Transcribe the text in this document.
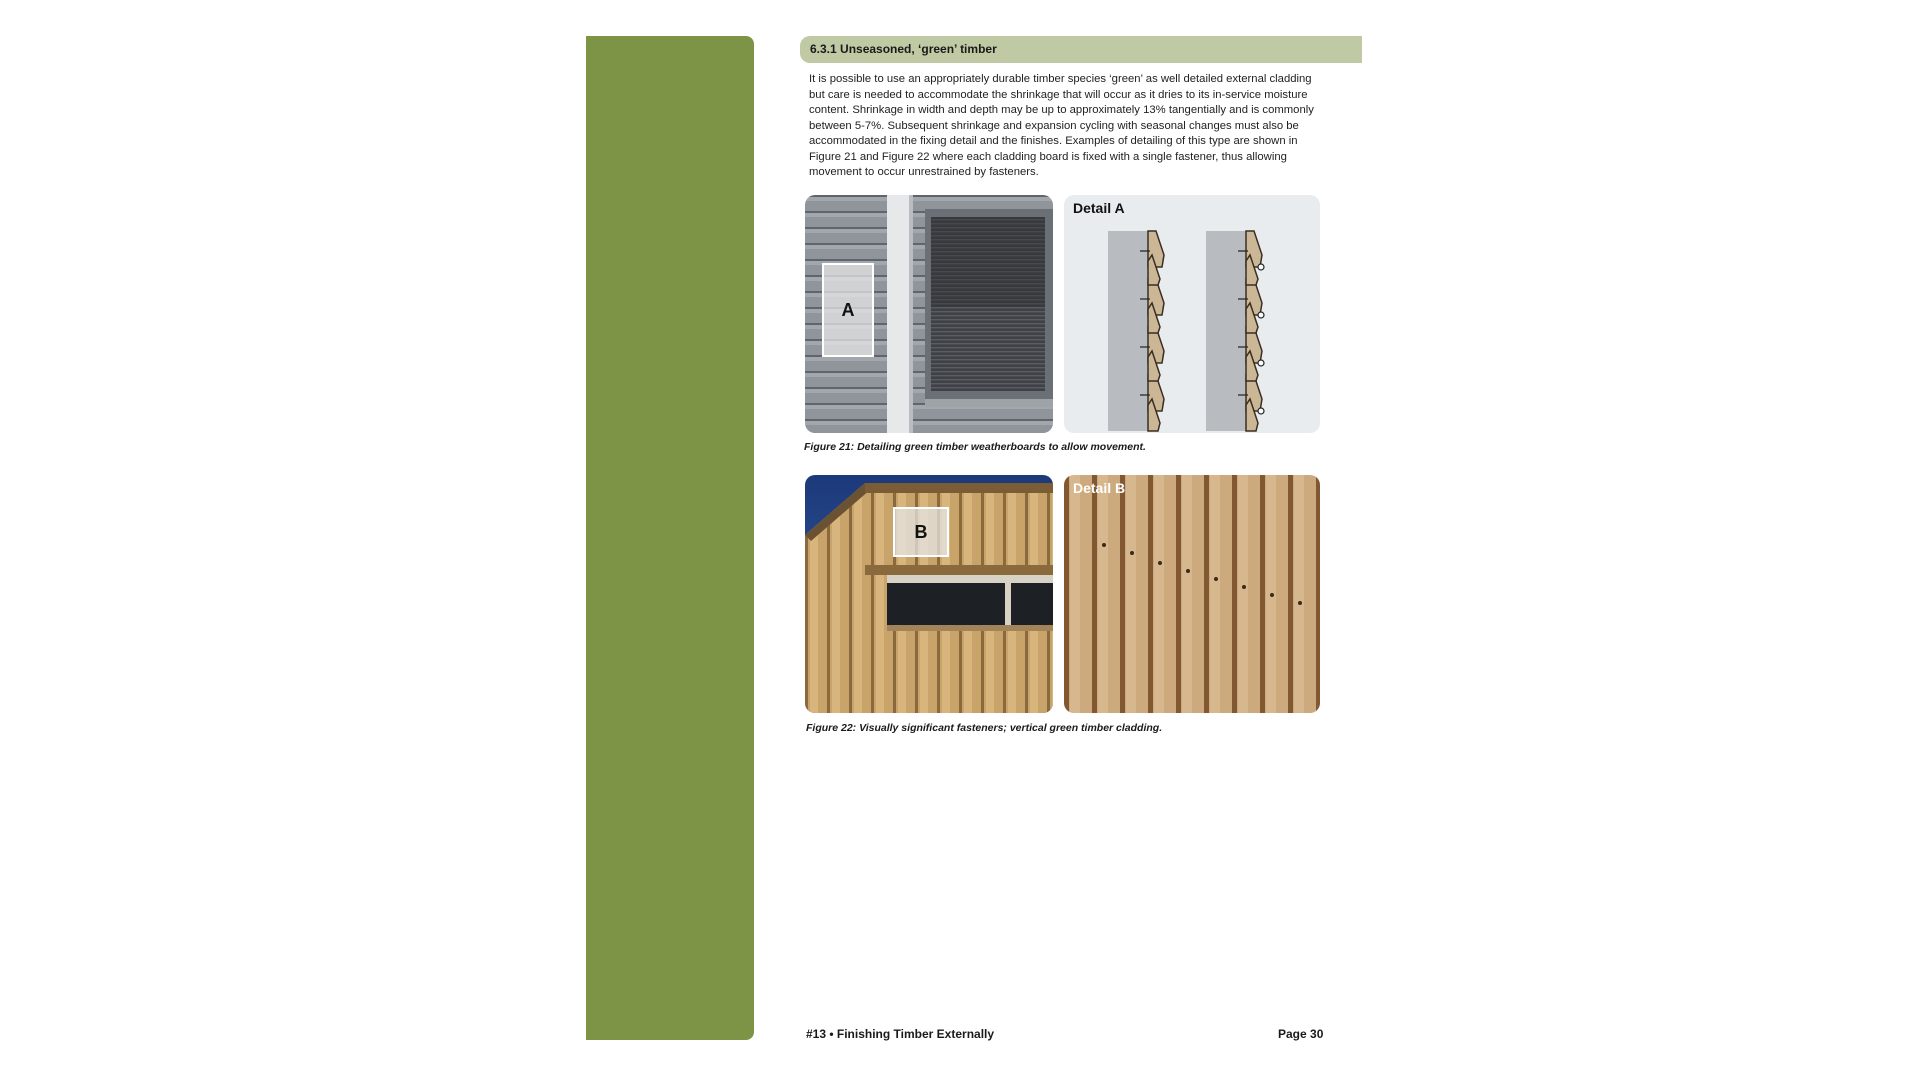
6.3.1 Unseasoned, ‘green’ timber
It is possible to use an appropriately durable timber species ‘green’ as well detailed external cladding but care is needed to accommodate the shrinkage that will occur as it dries to its in-service moisture content. Shrinkage in width and depth may be up to approximately 13% tangentially and is commonly between 5-7%. Subsequent shrinkage and expansion cycling with seasonal changes must also be accommodated in the fixing detail and the finishes. Examples of detailing of this type are shown in Figure 21 and Figure 22 where each cladding board is fixed with a single fastener, thus allowing movement to occur unrestrained by fasteners.
A
Detail A
Figure 21: Detailing green timber weatherboards to allow movement.
B
Detail B
Figure 22: Visually significant fasteners; vertical green timber cladding.
#13 • Finishing Timber Externally	Page 30
